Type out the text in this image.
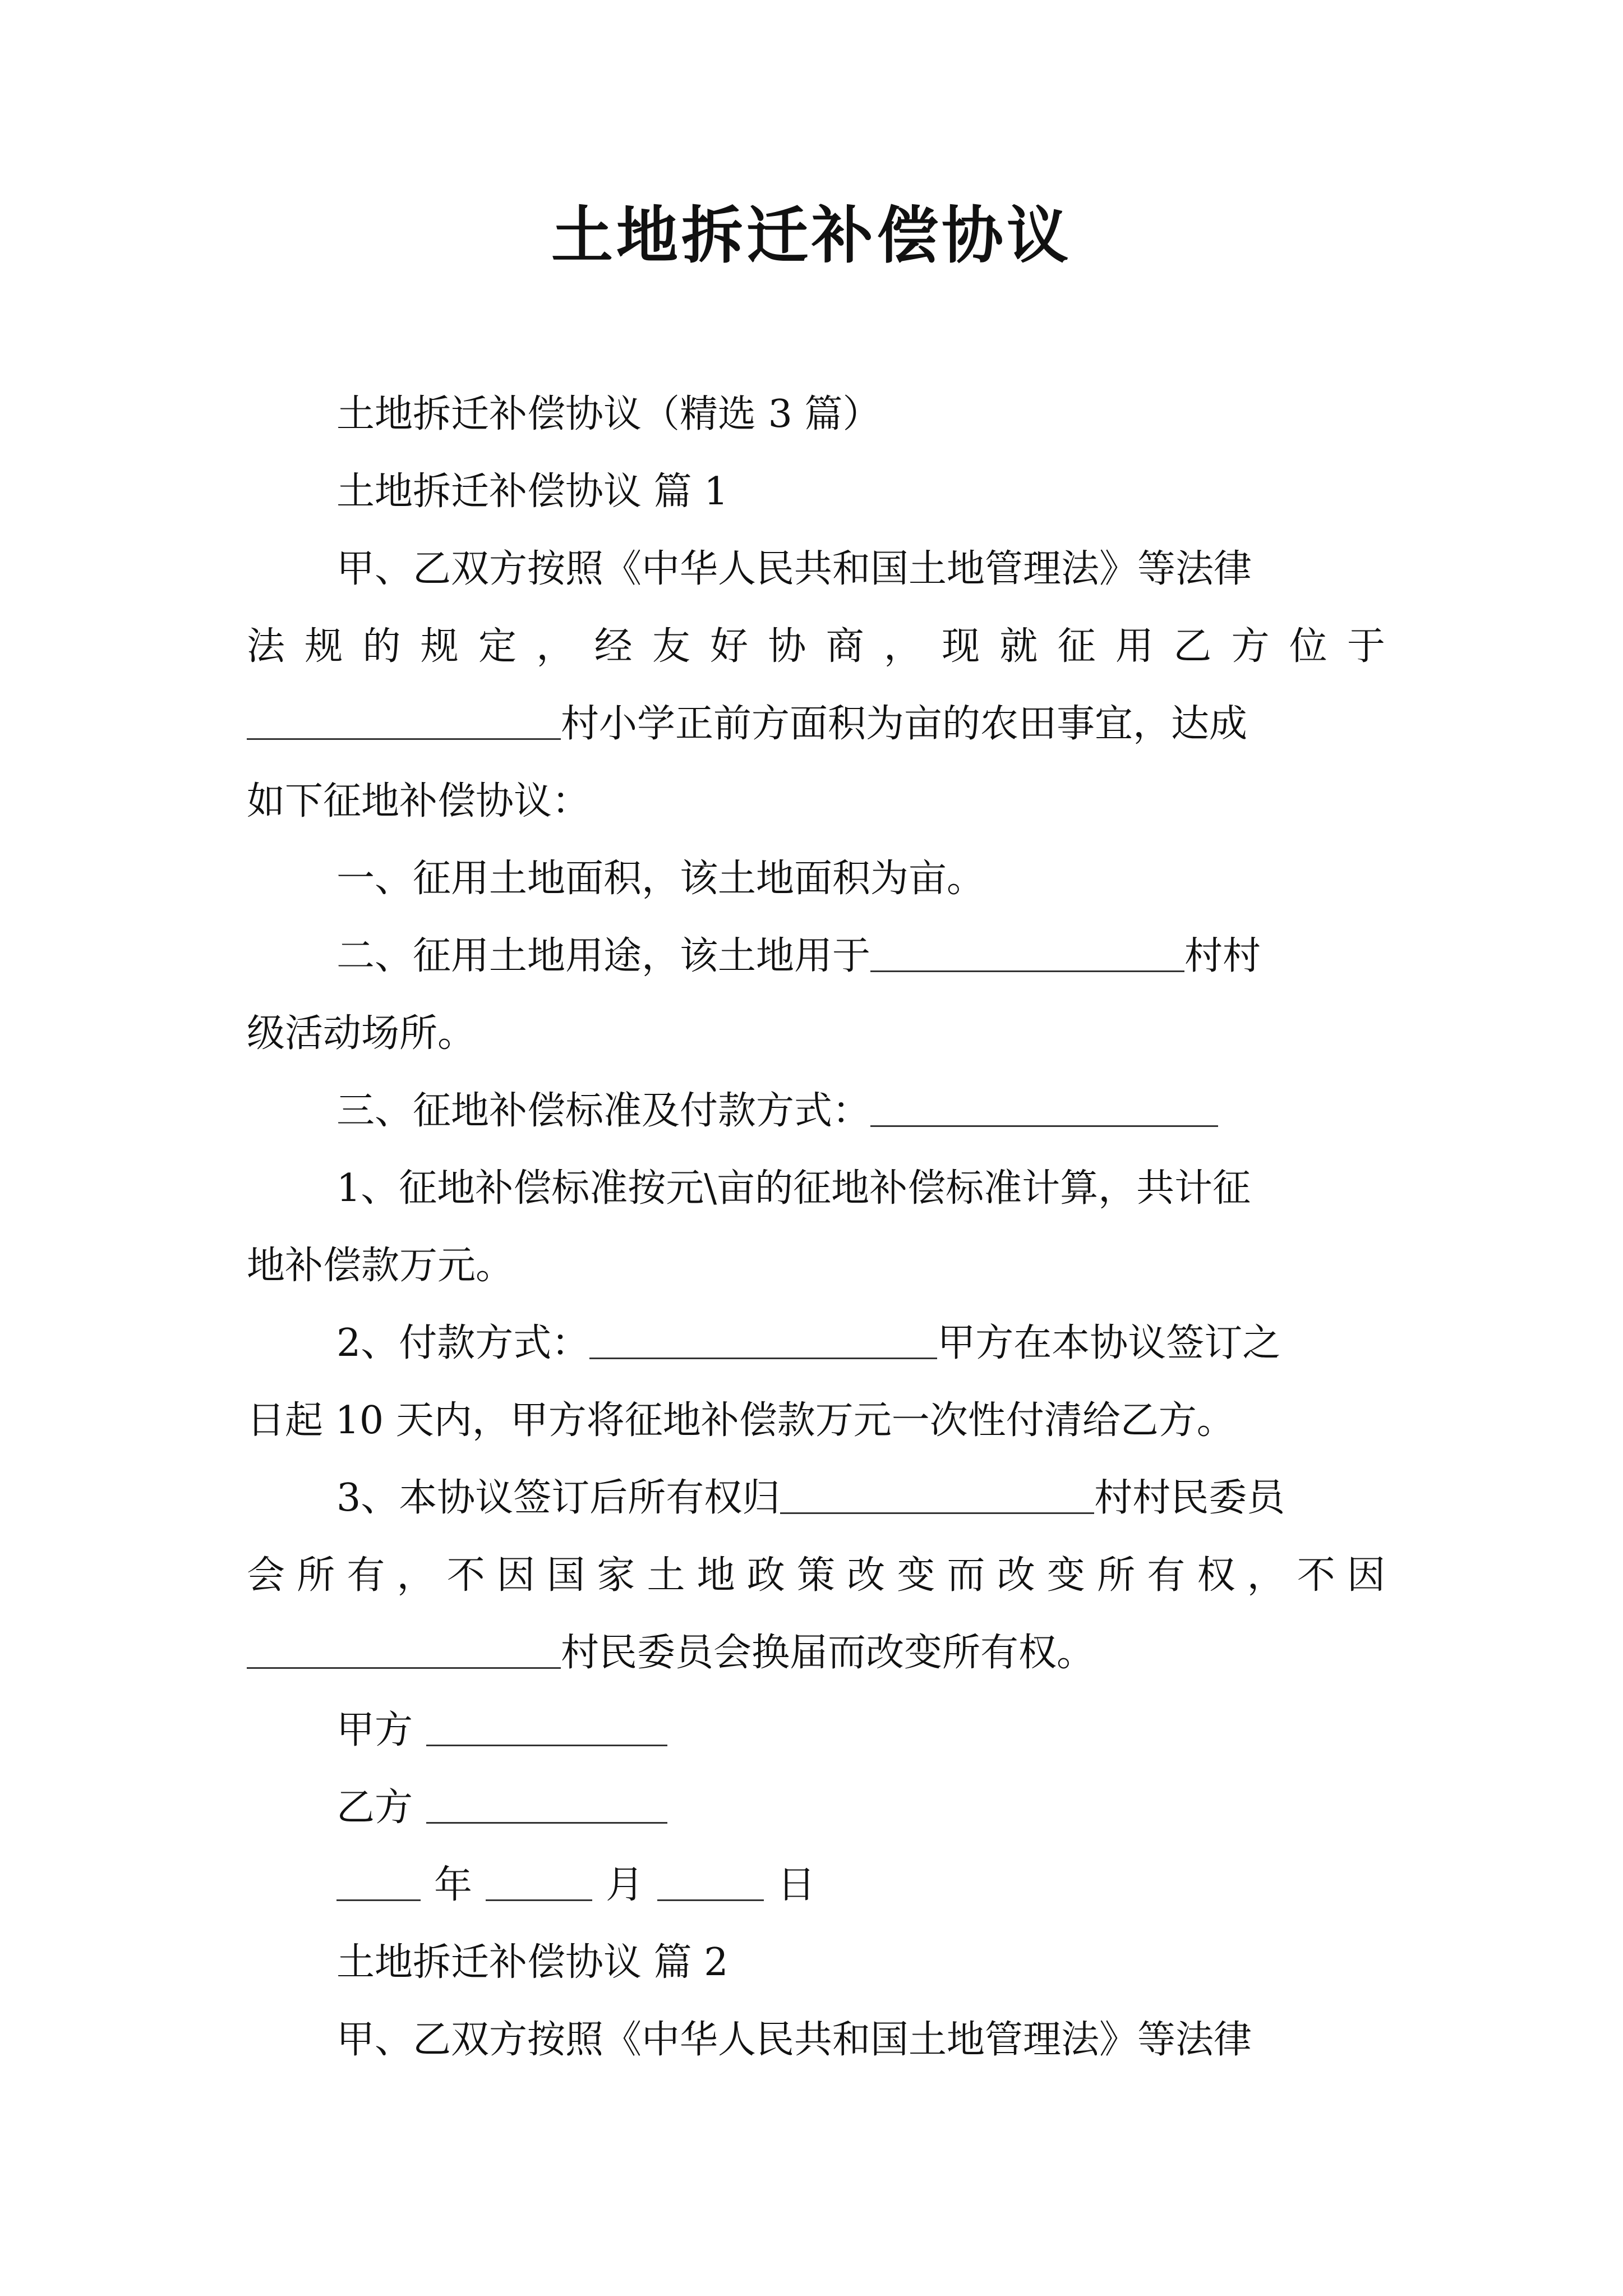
土地拆迁补偿协议

土地拆迁补偿协议（精选 3 篇）

土地拆迁补偿协议 篇 1

甲、乙双方按照《中华人民共和国土地管理法》等法律

法规的规定，经友好协商，现就征用乙方位于

村小学正前方面积为亩的农田事宜，达成

如下征地补偿协议：

一、征用土地面积，该土地面积为亩。

二、征用土地用途，该土地用于	村村

级活动场所。

三、征地补偿标准及付款方式：

1、征地补偿标准按元\亩的征地补偿标准计算，共计征

地补偿款万元。

2、付款方式：	甲方在本协议签订之

日起 10 天内，甲方将征地补偿款万元一次性付清给乙方。

3、本协议签订后所有权归	村村民委员

会所有，不因国家土地政策改变而改变所有权，不因

村民委员会换届而改变所有权。

甲方

乙方

年	月	日

土地拆迁补偿协议 篇 2

甲、乙双方按照《中华人民共和国土地管理法》等法律
